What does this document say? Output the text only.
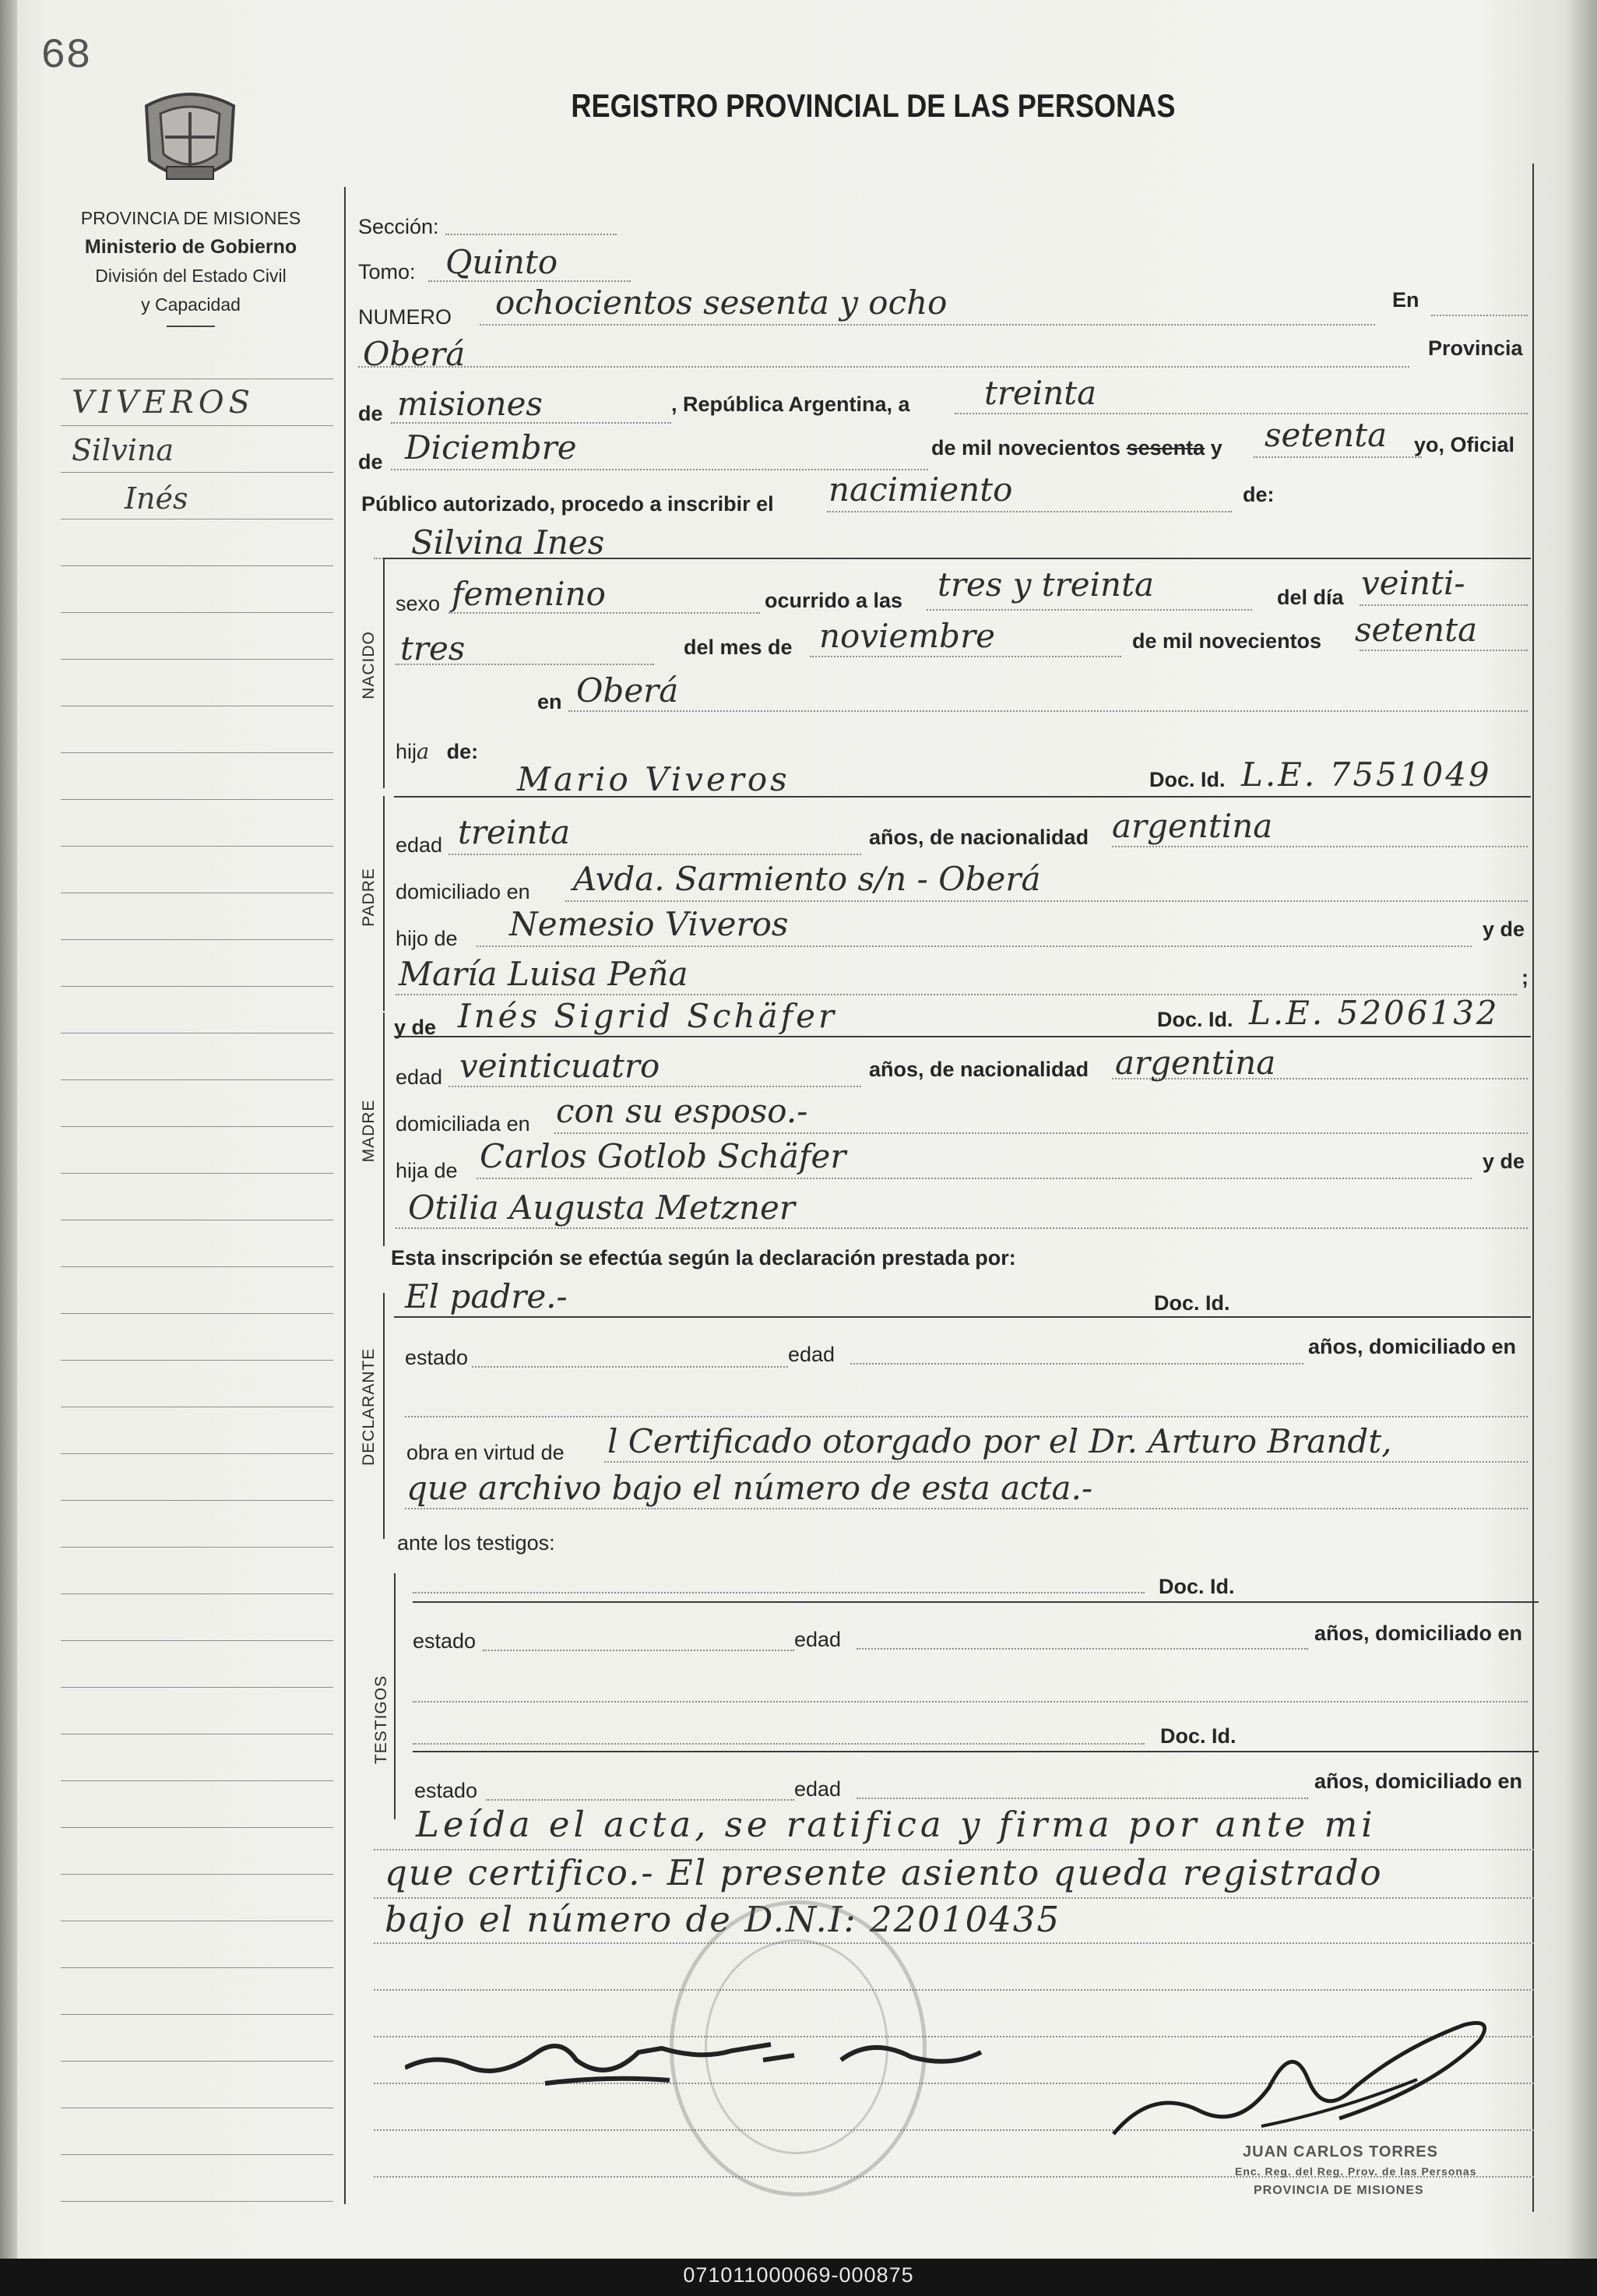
68
REGISTRO PROVINCIAL DE LAS PERSONAS
PROVINCIA DE MISIONES
Ministerio de Gobierno
División del Estado Civil
y Capacidad
VIVEROS
Silvina
Inés
Sección:
Tomo: Quinto
NUMERO ochocientos sesenta y ocho	En
Oberá	Provincia
de misiones	, República Argentina, a treinta
de Diciembre	de mil novecientos sesenta y setenta yo, Oficial
Público autorizado, procedo a inscribir el nacimiento	de:
Silvina Ines
NACIDO
sexo femenino	ocurrido a las tres y treinta	del día veinti-
tres	del mes de noviembre	de mil novecientos setenta
en Oberá
hija de:
Mario Viveros	Doc. Id. L.E. 7551049
PADRE
edad treinta	años, de nacionalidad argentina
domiciliado en Avda. Sarmiento s/n - Oberá
hijo de Nemesio Viveros	y de
María Luisa Peña	;
y de Inés Sigrid Schäfer	Doc. Id. L.E. 5206132
MADRE
edad veinticuatro	años, de nacionalidad argentina
domiciliada en con su esposo.-
hija de Carlos Gotlob Schäfer	y de
Otilia Augusta Metzner
Esta inscripción se efectúa según la declaración prestada por:
DECLARANTE
El padre.-	Doc. Id.
estado	edad	años, domiciliado en
obra en virtud de l Certificado otorgado por el Dr. Arturo Brandt,
que archivo bajo el número de esta acta.-
ante los testigos:
TESTIGOS
Doc. Id.
estado	edad	años, domiciliado en
Doc. Id.
estado	edad	años, domiciliado en
Leída el acta, se ratifica y firma por ante mi
que certifico.- El presente asiento queda registrado
bajo el número de D.N.I: 22010435
JUAN CARLOS TORRES
Enc. Reg. del Reg. Prov. de las Personas
PROVINCIA DE MISIONES
071011000069-000875
